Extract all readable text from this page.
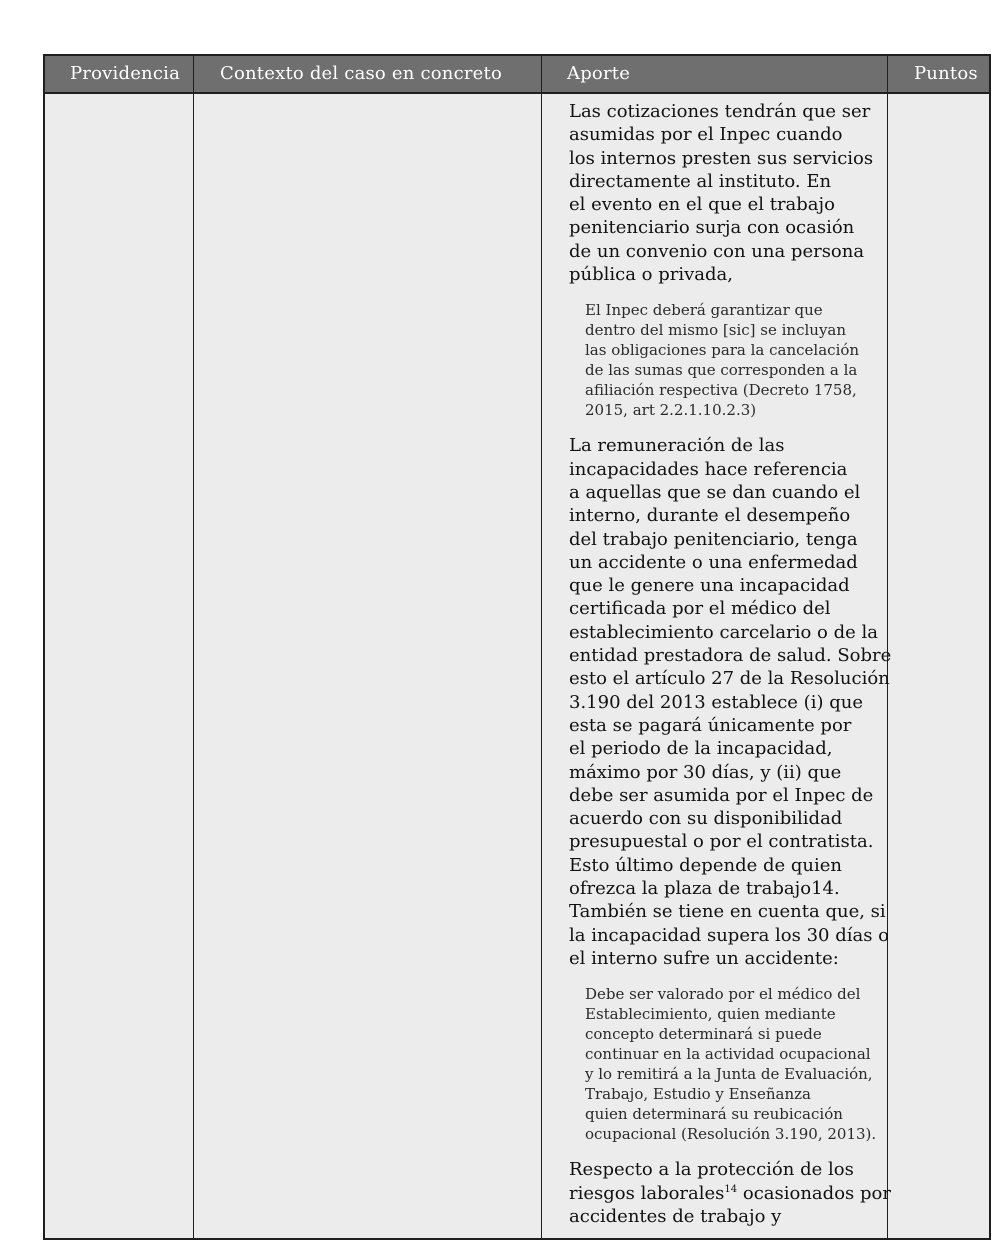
Providencia Contexto del caso en concreto	Aporte	Puntos
Las cotizaciones tendrán que ser
asumidas por el Inpec cuando
los internos presten sus servicios
directamente al instituto. En
el evento en el que el trabajo
penitenciario surja con ocasión
de un convenio con una persona
pública o privada,
El Inpec deberá garantizar que
dentro del mismo [sic] se incluyan
las obligaciones para la cancelación
de las sumas que corresponden a la
afiliación respectiva (Decreto 1758,
2015, art 2.2.1.10.2.3)
La remuneración de las
incapacidades hace referencia
a aquellas que se dan cuando el
interno, durante el desempeño
del trabajo penitenciario, tenga
un accidente o una enfermedad
que le genere una incapacidad
certificada por el médico del
establecimiento carcelario o de la
entidad prestadora de salud. Sobre
esto el artículo 27 de la Resolución
3.190 del 2013 establece (i) que
esta se pagará únicamente por
el periodo de la incapacidad,
máximo por 30 días, y (ii) que
debe ser asumida por el Inpec de
acuerdo con su disponibilidad
presupuestal o por el contratista.
Esto último depende de quien
ofrezca la plaza de trabajo14.
También se tiene en cuenta que, si
la incapacidad supera los 30 días o
el interno sufre un accidente:
Debe ser valorado por el médico del
Establecimiento, quien mediante
concepto determinará si puede
continuar en la actividad ocupacional
y lo remitirá a la Junta de Evaluación,
Trabajo, Estudio y Enseñanza
quien determinará su reubicación
ocupacional (Resolución 3.190, 2013).
Respecto a la protección de los
riesgos laborales$^{14}$ ocasionados por
accidentes de trabajo y
